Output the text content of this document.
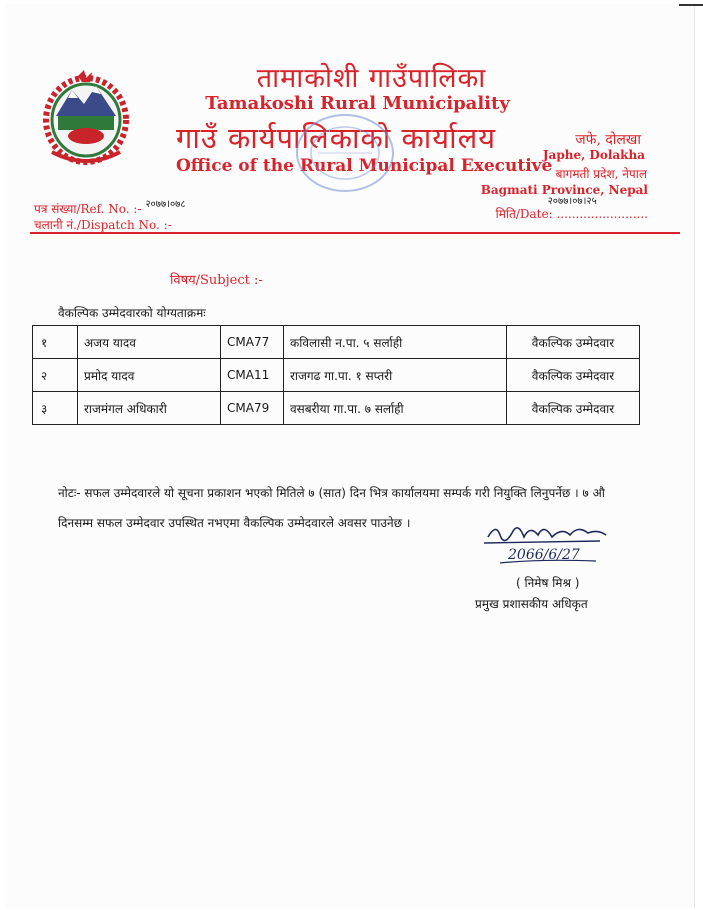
तामाकोशी गाउँपालिका
Tamakoshi Rural Municipality
गाउँ कार्यपालिकाको कार्यालय
Office of the Rural Municipal Executive
जफे, दोलखा
Japhe, Dolakha
बागमती प्रदेश, नेपाल
Bagmati Province, Nepal
पत्र संख्या/Ref. No. :- $^{२०७७।०७८}$
चलानी नं./Dispatch No. :-
मिति/Date: ........................
२०७७।०७।२५
विषय/Subject :-
वैकल्पिक उम्मेदवारको योग्यताक्रमः
१	अजय यादव	CMA77	कविलासी न.पा. ५ सर्लाही	वैकल्पिक उम्मेदवार
२	प्रमोद यादव	CMA11	राजगढ गा.पा. १ सप्तरी	वैकल्पिक उम्मेदवार
३	राजमंगल अधिकारी	CMA79	वसबरीया गा.पा. ७ सर्लाही	वैकल्पिक उम्मेदवार
नोटः- सफल उम्मेदवारले यो सूचना प्रकाशन भएको मितिले ७ (सात) दिन भित्र कार्यालयमा सम्पर्क गरी नियुक्ति लिनुपर्नेछ । ७ औ दिनसम्म सफल उम्मेदवार उपस्थित नभएमा वैकल्पिक उम्मेदवारले अवसर पाउनेछ ।
2066/6/27
( निमेष मिश्र )
प्रमुख प्रशासकीय अधिकृत
